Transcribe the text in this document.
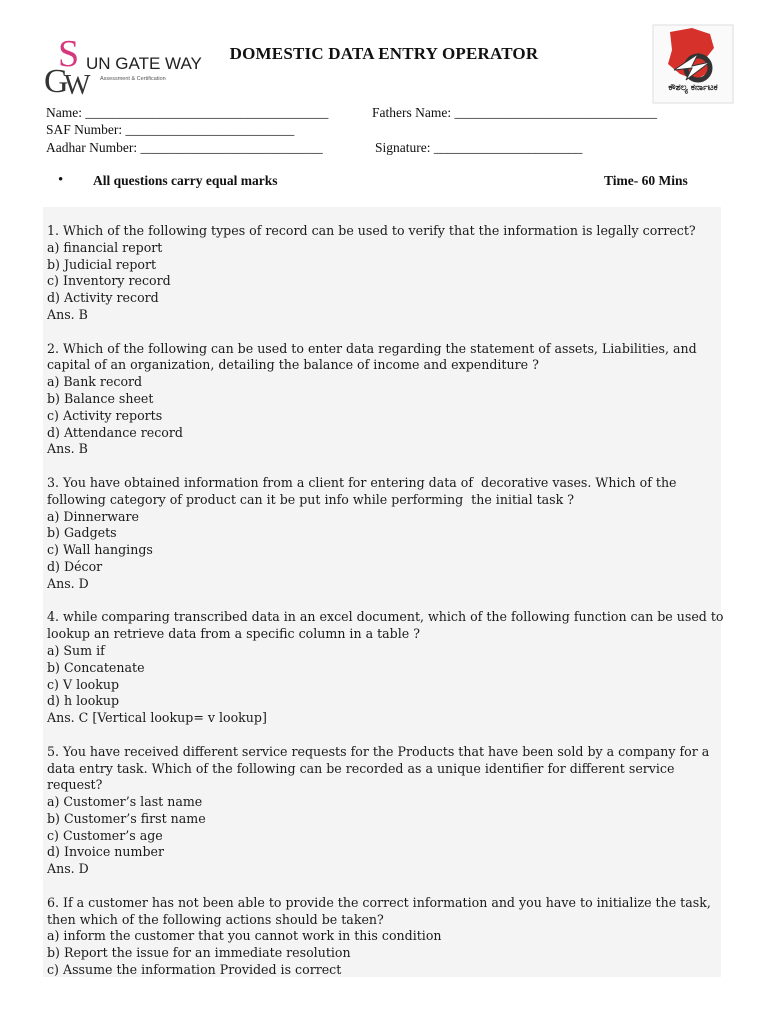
S
G
W
UN GATE WAY
Assessment & Certification
DOMESTIC DATA ENTRY OPERATOR
ಕೌಶಲ್ಯ ಕರ್ನಾಟಕ
Name: ____________________________________	Fathers Name: ______________________________
SAF Number: _________________________
Aadhar Number: ___________________________	Signature: ______________________
• All questions carry equal marks	Time- 60 Mins
1. Which of the following types of record can be used to verify that the information is legally correct?
a) financial report
b) Judicial report
c) Inventory record
d) Activity record
Ans. B
2. Which of the following can be used to enter data regarding the statement of assets, Liabilities, and capital of an organization, detailing the balance of income and expenditure ?
a) Bank record
b) Balance sheet
c) Activity reports
d) Attendance record
Ans. B
3. You have obtained information from a client for entering data of  decorative vases. Which of the following category of product can it be put info while performing  the initial task ?
a) Dinnerware
b) Gadgets
c) Wall hangings
d) Décor
Ans. D
4. while comparing transcribed data in an excel document, which of the following function can be used to lookup an retrieve data from a specific column in a table ?
a) Sum if
b) Concatenate
c) V lookup
d) h lookup
Ans. C [Vertical lookup= v lookup]
5. You have received different service requests for the Products that have been sold by a company for a data entry task. Which of the following can be recorded as a unique identifier for different service request?
a) Customer’s last name
b) Customer’s first name
c) Customer’s age
d) Invoice number
Ans. D
6. If a customer has not been able to provide the correct information and you have to initialize the task, then which of the following actions should be taken?
a) inform the customer that you cannot work in this condition
b) Report the issue for an immediate resolution
c) Assume the information Provided is correct
